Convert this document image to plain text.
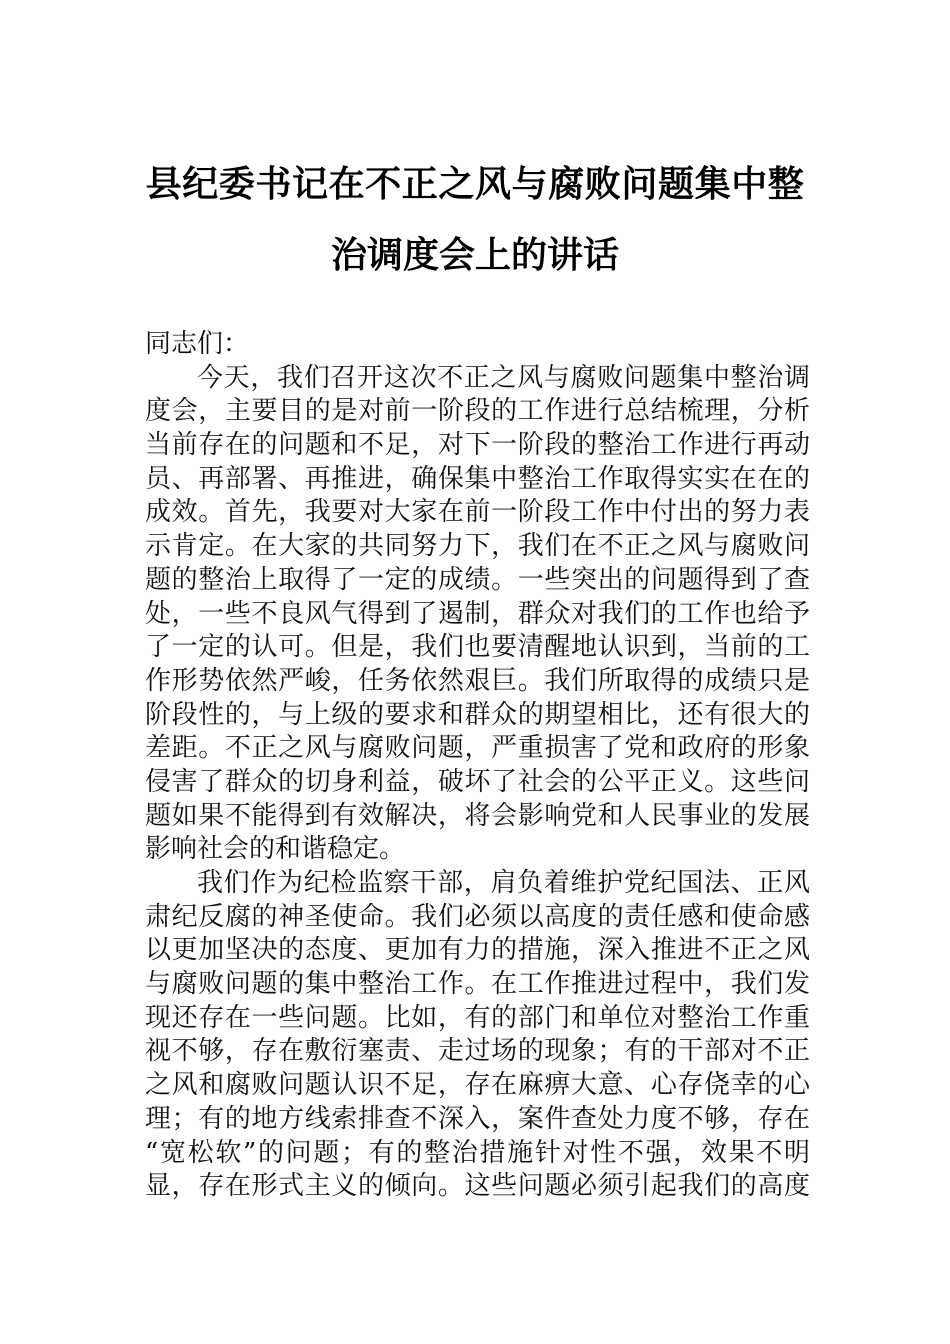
县纪委书记在不正之风与腐败问题集中整
治调度会上的讲话
同志们：
今天，我们召开这次不正之风与腐败问题集中整治调
度会，主要目的是对前一阶段的工作进行总结梳理，分析
当前存在的问题和不足，对下一阶段的整治工作进行再动
员、再部署、再推进，确保集中整治工作取得实实在在的
成效。首先，我要对大家在前一阶段工作中付出的努力表
示肯定。在大家的共同努力下，我们在不正之风与腐败问
题的整治上取得了一定的成绩。一些突出的问题得到了查
处，一些不良风气得到了遏制，群众对我们的工作也给予
了一定的认可。但是，我们也要清醒地认识到，当前的工
作形势依然严峻，任务依然艰巨。我们所取得的成绩只是
阶段性的，与上级的要求和群众的期望相比，还有很大的
差距。不正之风与腐败问题，严重损害了党和政府的形象
侵害了群众的切身利益，破坏了社会的公平正义。这些问
题如果不能得到有效解决，将会影响党和人民事业的发展
影响社会的和谐稳定。
我们作为纪检监察干部，肩负着维护党纪国法、正风
肃纪反腐的神圣使命。我们必须以高度的责任感和使命感
以更加坚决的态度、更加有力的措施，深入推进不正之风
与腐败问题的集中整治工作。在工作推进过程中，我们发
现还存在一些问题。比如，有的部门和单位对整治工作重
视不够，存在敷衍塞责、走过场的现象；有的干部对不正
之风和腐败问题认识不足，存在麻痹大意、心存侥幸的心
理；有的地方线索排查不深入，案件查处力度不够，存在
“宽松软”的问题；有的整治措施针对性不强，效果不明
显，存在形式主义的倾向。这些问题必须引起我们的高度
